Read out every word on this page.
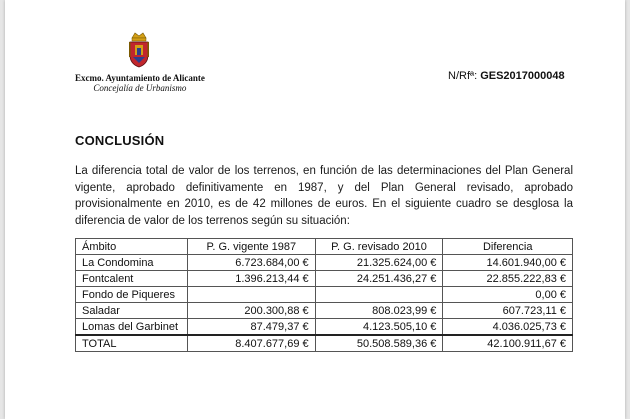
Excmo. Ayuntamiento de Alicante
Concejalía de Urbanismo
N/Rfª: GES2017000048
CONCLUSIÓN
La diferencia total de valor de los terrenos, en función de las determinaciones del Plan General vigente, aprobado definitivamente en 1987, y del Plan General revisado, aprobado provisionalmente en 2010, es de 42 millones de euros. En el siguiente cuadro se desglosa la diferencia de valor de los terrenos según su situación:
Ámbito	P. G. vigente 1987	P. G. revisado 2010	Diferencia
La Condomina	6.723.684,00 €	21.325.624,00 €	14.601.940,00 €
Fontcalent	1.396.213,44 €	24.251.436,27 €	22.855.222,83 €
Fondo de Piqueres			0,00 €
Saladar	200.300,88 €	808.023,99 €	607.723,11 €
Lomas del Garbinet	87.479,37 €	4.123.505,10 €	4.036.025,73 €
TOTAL	8.407.677,69 €	50.508.589,36 €	42.100.911,67 €
